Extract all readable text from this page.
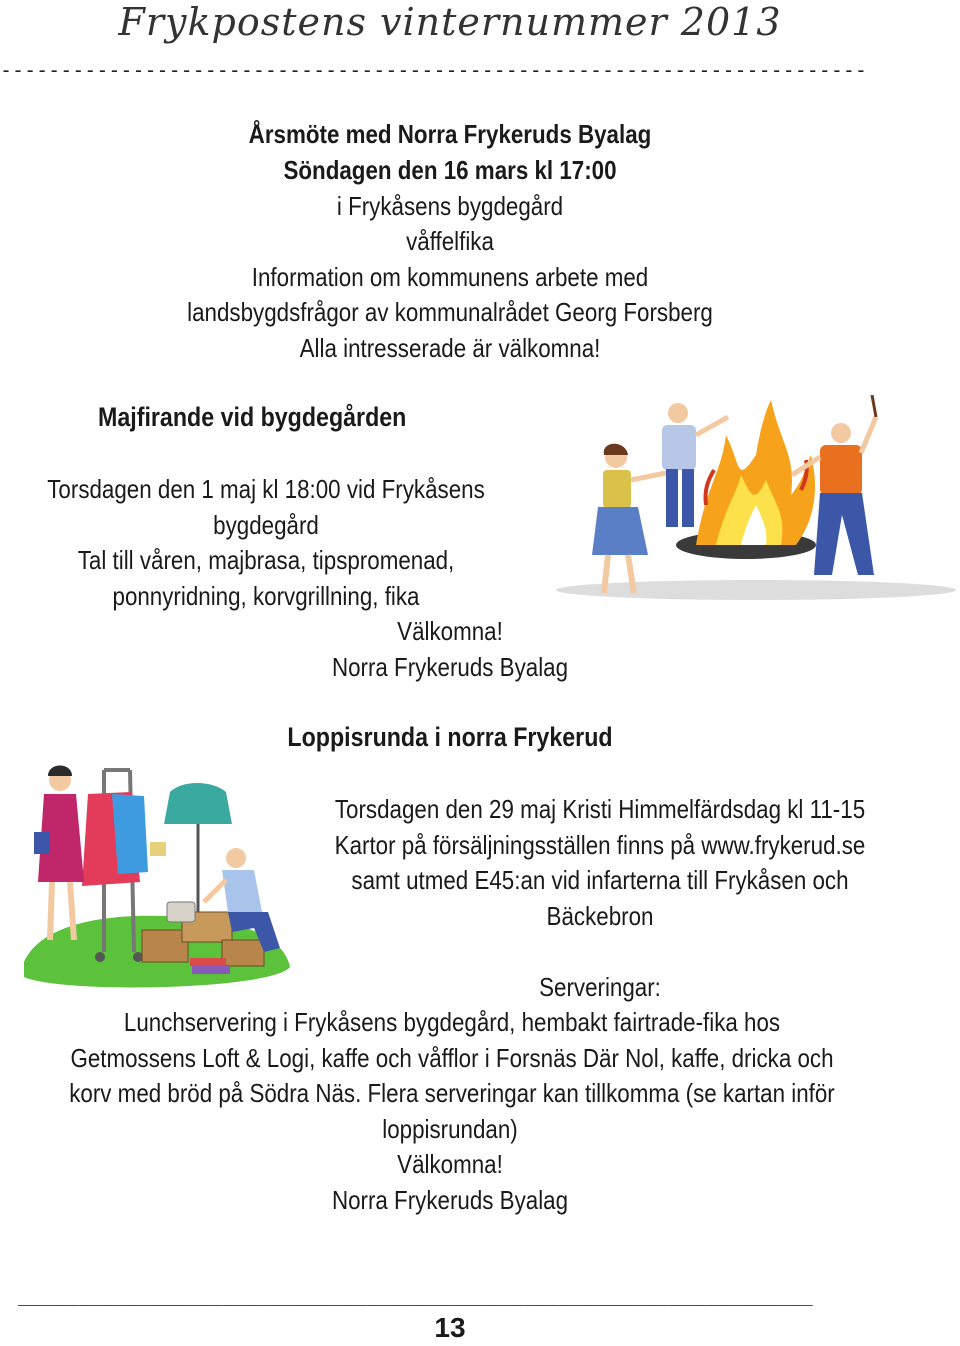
Frykpostens vinternummer 2013
------------------------------------------------------------------------
Årsmöte med Norra Frykeruds Byalag
Söndagen den 16 mars kl 17:00
i Frykåsens bygdegård
våffelfika
Information om kommunens arbete med
landsbygdsfrågor av kommunalrådet Georg Forsberg
Alla intresserade är välkomna!
Majfirande vid bygdegården
Torsdagen den 1 maj kl 18:00 vid Frykåsens
bygdegård
Tal till våren, majbrasa, tipspromenad,
ponnyridning, korvgrillning, fika
Välkomna!
Norra Frykeruds Byalag
Loppisrunda i norra Frykerud
Torsdagen den 29 maj Kristi Himmelfärdsdag kl 11-15
Kartor på försäljningsställen finns på www.frykerud.se
samt utmed E45:an vid infarterna till Frykåsen och
Bäckebron
Serveringar:
Lunchservering i Frykåsens bygdegård, hembakt fairtrade-fika hos
Getmossens Loft & Logi, kaffe och våfflor i Forsnäs Där Nol, kaffe, dricka och
korv med bröd på Södra Näs. Flera serveringar kan tillkomma (se kartan inför
loppisrundan)
Välkomna!
Norra Frykeruds Byalag
__________________________________________________________________
13
